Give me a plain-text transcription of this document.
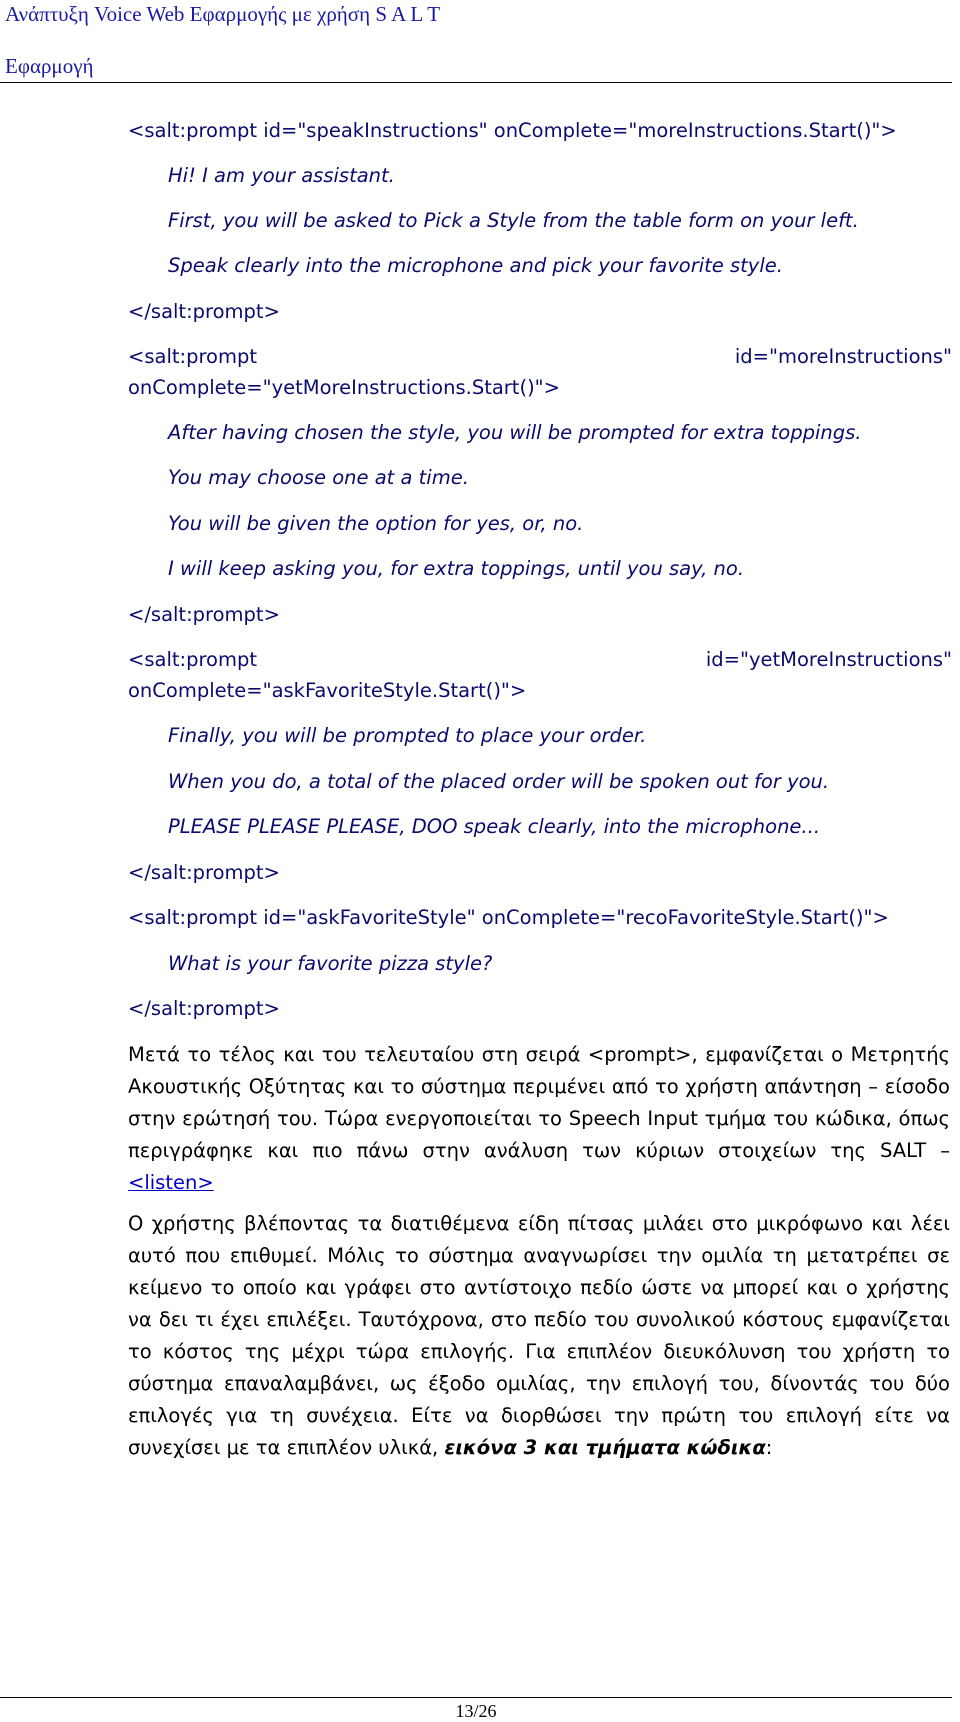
Ανάπτυξη Voice Web Εφαρμογής με χρήση S A L T
Εφαρμογή
<salt:prompt id="speakInstructions" onComplete="moreInstructions.Start()">
Hi! I am your assistant.
First, you will be asked to Pick a Style from the table form on your left.
Speak clearly into the microphone and pick your favorite style.
</salt:prompt>
<salt:prompt	id="moreInstructions"
onComplete="yetMoreInstructions.Start()">
After having chosen the style, you will be prompted for extra toppings.
You may choose one at a time.
You will be given the option for yes, or, no.
I will keep asking you, for extra toppings, until you say, no.
</salt:prompt>
<salt:prompt	id="yetMoreInstructions"
onComplete="askFavoriteStyle.Start()">
Finally, you will be prompted to place your order.
When you do, a total of the placed order will be spoken out for you.
PLEASE PLEASE PLEASE, DOO speak clearly, into the microphone...
</salt:prompt>
<salt:prompt id="askFavoriteStyle" onComplete="recoFavoriteStyle.Start()">
What is your favorite pizza style?
</salt:prompt>
Μετά το τέλος και του τελευταίου στη σειρά <prompt>, εμφανίζεται ο Μετρητής Ακουστικής Οξύτητας και το σύστημα περιμένει από το χρήστη απάντηση – είσοδο στην ερώτησή του. Τώρα ενεργοποιείται το Speech Input τμήμα του κώδικα, όπως περιγράφηκε και πιο πάνω στην ανάλυση των κύριων στοιχείων της SALT – <listen>
Ο χρήστης βλέποντας τα διατιθέμενα είδη πίτσας μιλάει στο μικρόφωνο και λέει αυτό που επιθυμεί. Μόλις το σύστημα αναγνωρίσει την ομιλία τη μετατρέπει σε κείμενο το οποίο και γράφει στο αντίστοιχο πεδίο ώστε να μπορεί και ο χρήστης να δει τι έχει επιλέξει. Ταυτόχρονα, στο πεδίο του συνολικού κόστους εμφανίζεται το κόστος της μέχρι τώρα επιλογής. Για επιπλέον διευκόλυνση του χρήστη το σύστημα επαναλαμβάνει, ως έξοδο ομιλίας, την επιλογή του, δίνοντάς του δύο επιλογές για τη συνέχεια. Είτε να διορθώσει την πρώτη του επιλογή είτε να συνεχίσει με τα επιπλέον υλικά, εικόνα 3 και τμήματα κώδικα:
13/26
